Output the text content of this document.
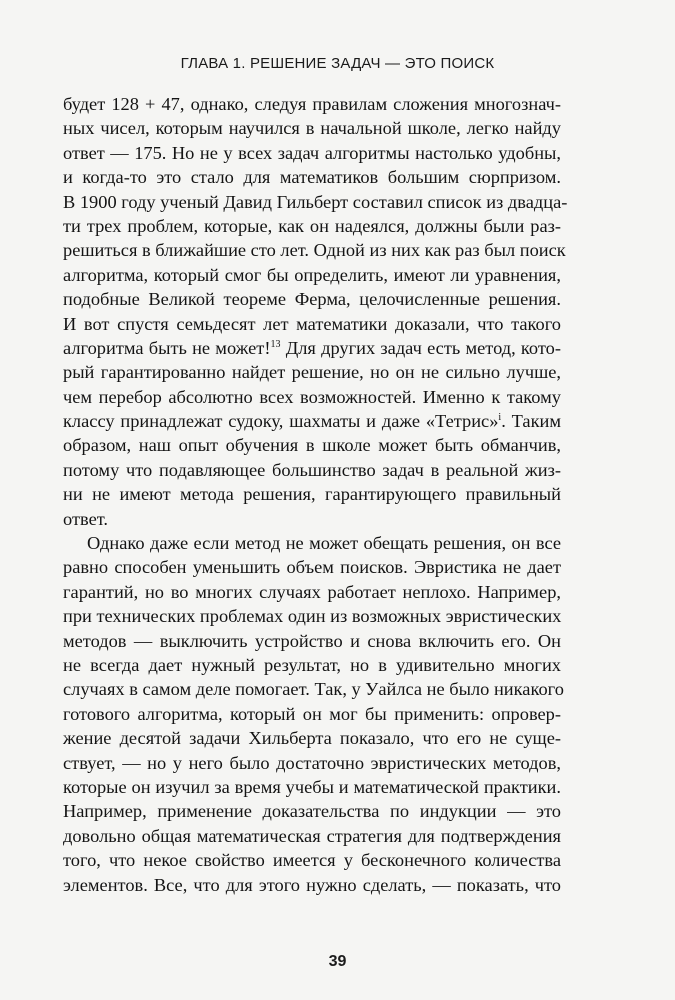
ГЛАВА 1. РЕШЕНИЕ ЗАДАЧ — ЭТО ПОИСК
будет 128 + 47, однако, следуя правилам сложения многознач-
ных чисел, которым научился в начальной школе, легко найду
ответ — 175. Но не у всех задач алгоритмы настолько удобны,
и когда-то это стало для математиков большим сюрпризом.
В 1900 году ученый Давид Гильберт составил список из двадца-
ти трех проблем, которые, как он надеялся, должны были раз-
решиться в ближайшие сто лет. Одной из них как раз был поиск
алгоритма, который смог бы определить, имеют ли уравнения,
подобные Великой теореме Ферма, целочисленные решения.
И вот спустя семьдесят лет математики доказали, что такого
алгоритма быть не может!$^{13}$ Для других задач есть метод, кото-
рый гарантированно найдет решение, но он не сильно лучше,
чем перебор абсолютно всех возможностей. Именно к такому
классу принадлежат судоку, шахматы и даже «Тетрис»$^i$. Таким
образом, наш опыт обучения в школе может быть обманчив,
потому что подавляющее большинство задач в реальной жиз-
ни не имеют метода решения, гарантирующего правильный
ответ.
Однако даже если метод не может обещать решения, он все
равно способен уменьшить объем поисков. Эвристика не дает
гарантий, но во многих случаях работает неплохо. Например,
при технических проблемах один из возможных эвристических
методов — выключить устройство и снова включить его. Он
не всегда дает нужный результат, но в удивительно многих
случаях в самом деле помогает. Так, у Уайлса не было никакого
готового алгоритма, который он мог бы применить: опровер-
жение десятой задачи Хильберта показало, что его не суще-
ствует, — но у него было достаточно эвристических методов,
которые он изучил за время учебы и математической практики.
Например, применение доказательства по индукции — это
довольно общая математическая стратегия для подтверждения
того, что некое свойство имеется у бесконечного количества
элементов. Все, что для этого нужно сделать, — показать, что
39
